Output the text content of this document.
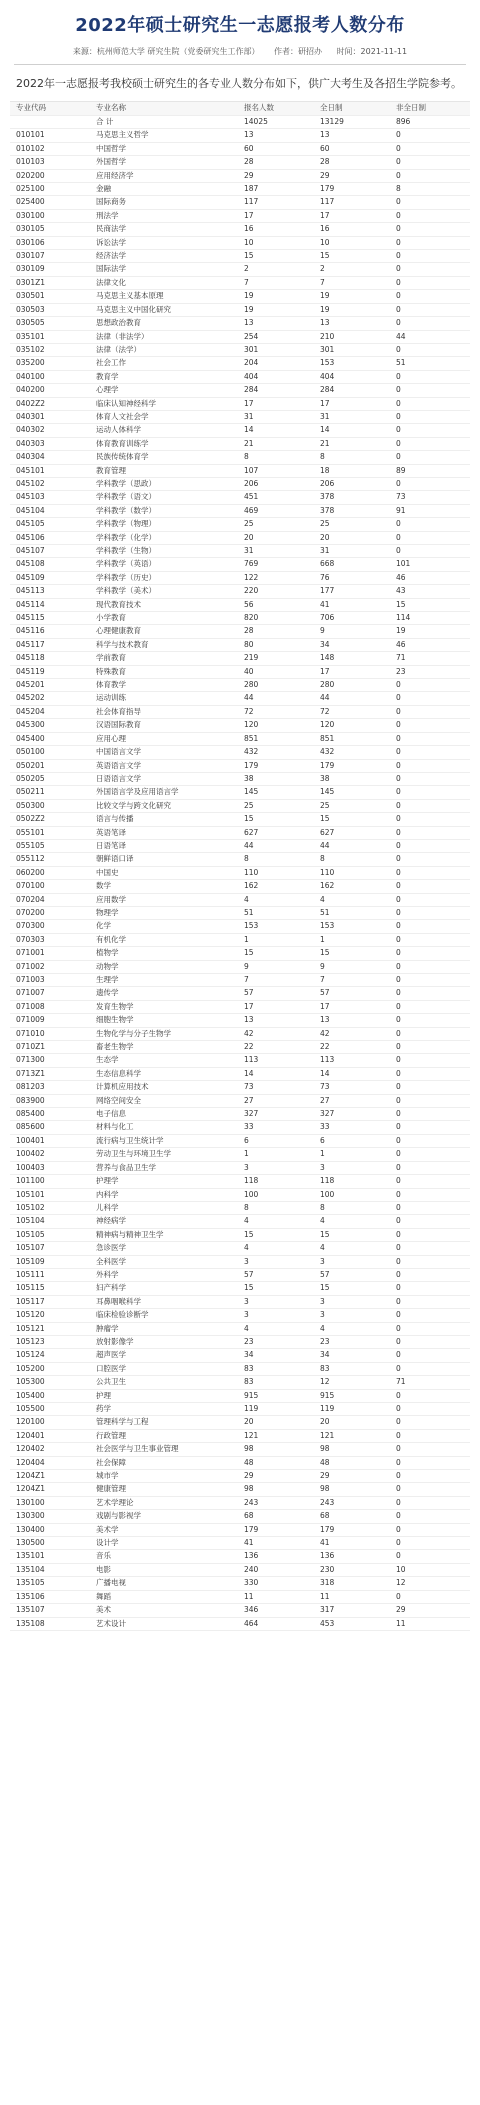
2022年硕士研究生一志愿报考人数分布
来源：杭州师范大学 研究生院（党委研究生工作部） 作者：研招办 时间：2021-11-11

2022年一志愿报考我校硕士研究生的各专业人数分布如下，供广大考生及各招生学院参考。

专业代码	专业名称	报名人数	全日制	非全日制
	合 计	14025	13129	896
010101	马克思主义哲学	13	13	0
010102	中国哲学	60	60	0
010103	外国哲学	28	28	0
020200	应用经济学	29	29	0
025100	金融	187	179	8
025400	国际商务	117	117	0
030100	刑法学	17	17	0
030105	民商法学	16	16	0
030106	诉讼法学	10	10	0
030107	经济法学	15	15	0
030109	国际法学	2	2	0
0301Z1	法律文化	7	7	0
030501	马克思主义基本原理	19	19	0
030503	马克思主义中国化研究	19	19	0
030505	思想政治教育	13	13	0
035101	法律（非法学）	254	210	44
035102	法律（法学）	301	301	0
035200	社会工作	204	153	51
040100	教育学	404	404	0
040200	心理学	284	284	0
0402Z2	临床认知神经科学	17	17	0
040301	体育人文社会学	31	31	0
040302	运动人体科学	14	14	0
040303	体育教育训练学	21	21	0
040304	民族传统体育学	8	8	0
045101	教育管理	107	18	89
045102	学科教学（思政）	206	206	0
045103	学科教学（语文）	451	378	73
045104	学科教学（数学）	469	378	91
045105	学科教学（物理）	25	25	0
045106	学科教学（化学）	20	20	0
045107	学科教学（生物）	31	31	0
045108	学科教学（英语）	769	668	101
045109	学科教学（历史）	122	76	46
045113	学科教学（美术）	220	177	43
045114	现代教育技术	56	41	15
045115	小学教育	820	706	114
045116	心理健康教育	28	9	19
045117	科学与技术教育	80	34	46
045118	学前教育	219	148	71
045119	特殊教育	40	17	23
045201	体育教学	280	280	0
045202	运动训练	44	44	0
045204	社会体育指导	72	72	0
045300	汉语国际教育	120	120	0
045400	应用心理	851	851	0
050100	中国语言文学	432	432	0
050201	英语语言文学	179	179	0
050205	日语语言文学	38	38	0
050211	外国语言学及应用语言学	145	145	0
050300	比较文学与跨文化研究	25	25	0
0502Z2	语言与传播	15	15	0
055101	英语笔译	627	627	0
055105	日语笔译	44	44	0
055112	朝鲜语口译	8	8	0
060200	中国史	110	110	0
070100	数学	162	162	0
070204	应用数学	4	4	0
070200	物理学	51	51	0
070300	化学	153	153	0
070303	有机化学	1	1	0
071001	植物学	15	15	0
071002	动物学	9	9	0
071003	生理学	7	7	0
071007	遗传学	57	57	0
071008	发育生物学	17	17	0
071009	细胞生物学	13	13	0
071010	生物化学与分子生物学	42	42	0
0710Z1	畜老生物学	22	22	0
071300	生态学	113	113	0
0713Z1	生态信息科学	14	14	0
081203	计算机应用技术	73	73	0
083900	网络空间安全	27	27	0
085400	电子信息	327	327	0
085600	材料与化工	33	33	0
100401	流行病与卫生统计学	6	6	0
100402	劳动卫生与环境卫生学	1	1	0
100403	营养与食品卫生学	3	3	0
101100	护理学	118	118	0
105101	内科学	100	100	0
105102	儿科学	8	8	0
105104	神经病学	4	4	0
105105	精神病与精神卫生学	15	15	0
105107	急诊医学	4	4	0
105109	全科医学	3	3	0
105111	外科学	57	57	0
105115	妇产科学	15	15	0
105117	耳鼻咽喉科学	3	3	0
105120	临床检验诊断学	3	3	0
105121	肿瘤学	4	4	0
105123	放射影像学	23	23	0
105124	超声医学	34	34	0
105200	口腔医学	83	83	0
105300	公共卫生	83	12	71
105400	护理	915	915	0
105500	药学	119	119	0
120100	管理科学与工程	20	20	0
120401	行政管理	121	121	0
120402	社会医学与卫生事业管理	98	98	0
120404	社会保障	48	48	0
1204Z1	城市学	29	29	0
1204Z1	健康管理	98	98	0
130100	艺术学理论	243	243	0
130300	戏剧与影视学	68	68	0
130400	美术学	179	179	0
130500	设计学	41	41	0
135101	音乐	136	136	0
135104	电影	240	230	10
135105	广播电视	330	318	12
135106	舞蹈	11	11	0
135107	美术	346	317	29
135108	艺术设计	464	453	11
